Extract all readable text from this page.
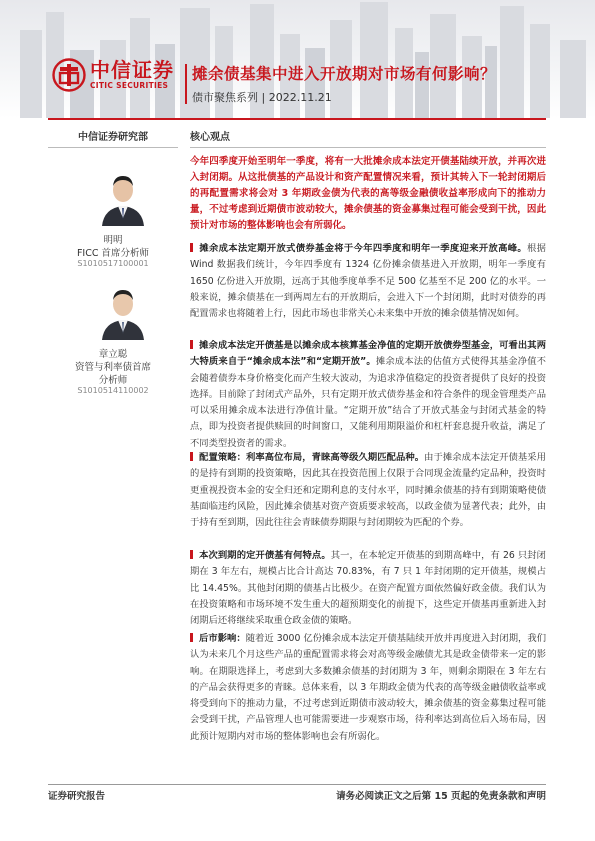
中信证券
CITIC SECURITIES
摊余债基集中进入开放期对市场有何影响？
债市聚焦系列 | 2022.11.21
中信证券研究部
明明
FICC 首席分析师
S1010517100001
章立聪
资管与利率债首席
分析师
S1010514110002
核心观点

今年四季度开始至明年一季度，将有一大批摊余成本法定开债基陆续开放，并再次进入封闭期。从这批债基的产品设计和资产配置情况来看，预计其转入下一轮封闭期后的再配置需求将会对 3 年期政金债为代表的高等级金融债收益率形成向下的推动力量，不过考虑到近期债市波动较大，摊余债基的资金募集过程可能会受到干扰，因此预计对市场的整体影响也会有所弱化。

摊余成本法定期开放式债券基金将于今年四季度和明年一季度迎来开放高峰。根据 Wind 数据我们统计，今年四季度有 1324 亿份摊余债基进入开放期，明年一季度有 1650 亿份进入开放期，远高于其他季度单季不足 500 亿基至不足 200 亿的水平。一般来说，摊余债基在一到两周左右的开放期后，会进入下一个封闭期，此时对债券的再配置需求也将随着上行，因此市场也非常关心未来集中开放的摊余债基情况如何。

摊余成本法定开债基是以摊余成本核算基金净值的定期开放债券型基金，可看出其两大特质来自于“摊余成本法”和“定期开放”。摊余成本法的估值方式使得其基金净值不会随着债券本身价格变化而产生较大波动，为追求净值稳定的投资者提供了良好的投资选择。目前除了封闭式产品外，只有定期开放式债券基金和符合条件的现金管理类产品可以采用摊余成本法进行净值计量。“定期开放”结合了开放式基金与封闭式基金的特点，即为投资者提供赎回的时间窗口，又能利用期限溢价和杠杆套息提升收益，满足了不同类型投资者的需求。

配置策略：利率高位布局，青睐高等级久期匹配品种。由于摊余成本法定开债基采用的是持有到期的投资策略，因此其在投资范围上仅限于合同现金流量约定品种，投资时更重视投资本金的安全归还和定期利息的支付水平，同时摊余债基的持有到期策略使债基面临违约风险，因此摊余债基对资产资质要求较高，以政金债为显著代表；此外，由于持有至到期，因此往往会青睐债券期限与封闭期较为匹配的个券。

本次到期的定开债基有何特点。其一，在本轮定开债基的到期高峰中，有 26 只封闭期在 3 年左右，规模占比合计高达 70.83%，有 7 只 1 年封闭期的定开债基，规模占比 14.45%。其他封闭期的债基占比极少。在资产配置方面依然偏好政金债。我们认为在投资策略和市场环境不发生重大的超预期变化的前提下，这些定开债基再重新进入封闭期后还将继续采取重仓政金债的策略。

后市影响：随着近 3000 亿份摊余成本法定开债基陆续开放并再度进入封闭期，我们认为未来几个月这些产品的重配置需求将会对高等级金融债尤其是政金债带来一定的影响。在期限选择上，考虑到大多数摊余债基的封闭期为 3 年，则剩余期限在 3 年左右的产品会获得更多的青睐。总体来看，以 3 年期政金债为代表的高等级金融债收益率或将受到向下的推动力量，不过考虑到近期债市波动较大，摊余债基的资金募集过程可能会受到干扰，产品管理人也可能需要进一步观察市场，待利率达到高位后入场布局，因此预计短期内对市场的整体影响也会有所弱化。

证券研究报告	请务必阅读正文之后第 15 页起的免责条款和声明
